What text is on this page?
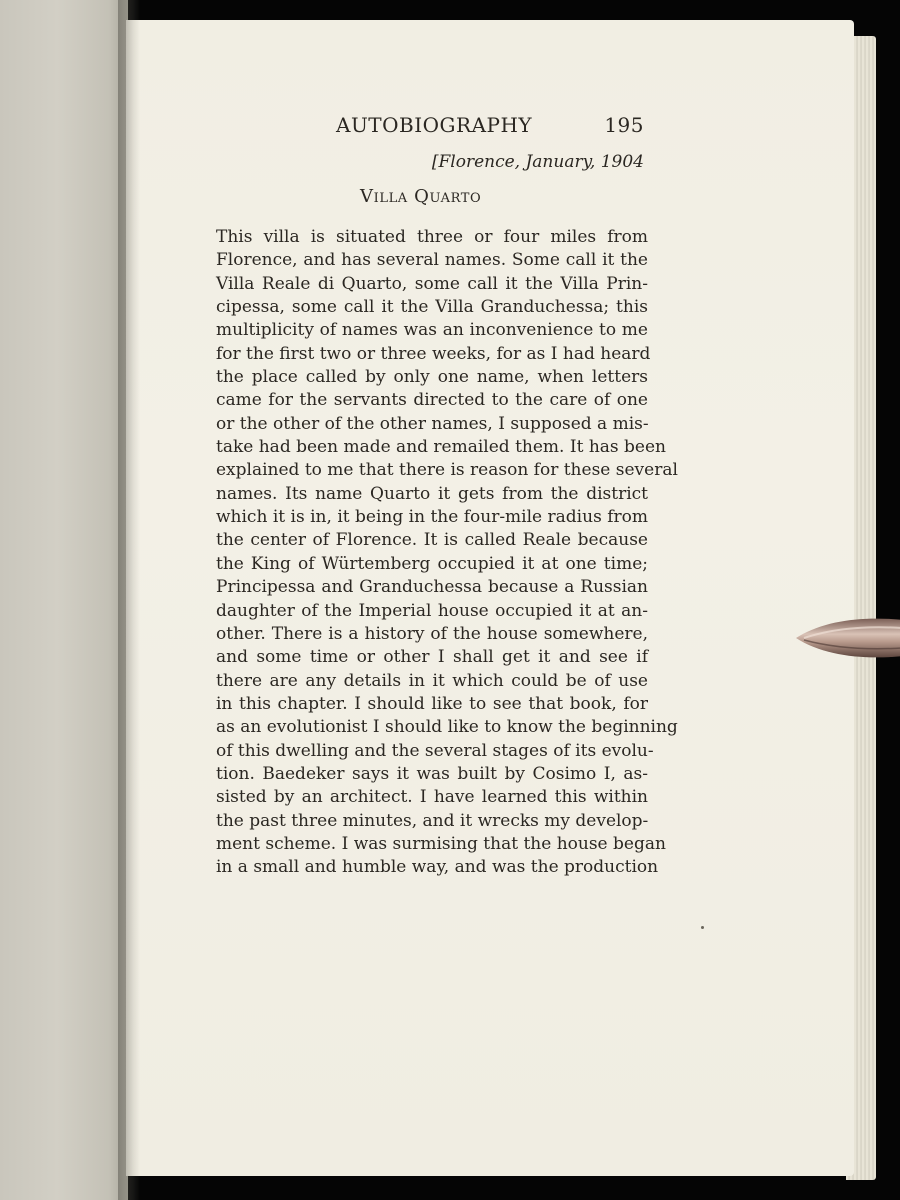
AUTOBIOGRAPHY	195
[Florence, January, 1904
Villa Quarto
This villa is situated three or four miles from
Florence, and has several names. Some call it the
Villa Reale di Quarto, some call it the Villa Prin-
cipessa, some call it the Villa Granduchessa; this
multiplicity of names was an inconvenience to me
for the first two or three weeks, for as I had heard
the place called by only one name, when letters
came for the servants directed to the care of one
or the other of the other names, I supposed a mis-
take had been made and remailed them. It has been
explained to me that there is reason for these several
names. Its name Quarto it gets from the district
which it is in, it being in the four-mile radius from
the center of Florence. It is called Reale because
the King of Würtemberg occupied it at one time;
Principessa and Granduchessa because a Russian
daughter of the Imperial house occupied it at an-
other. There is a history of the house somewhere,
and some time or other I shall get it and see if
there are any details in it which could be of use
in this chapter. I should like to see that book, for
as an evolutionist I should like to know the beginning
of this dwelling and the several stages of its evolu-
tion. Baedeker says it was built by Cosimo I, as-
sisted by an architect. I have learned this within
the past three minutes, and it wrecks my develop-
ment scheme. I was surmising that the house began
in a small and humble way, and was the production
